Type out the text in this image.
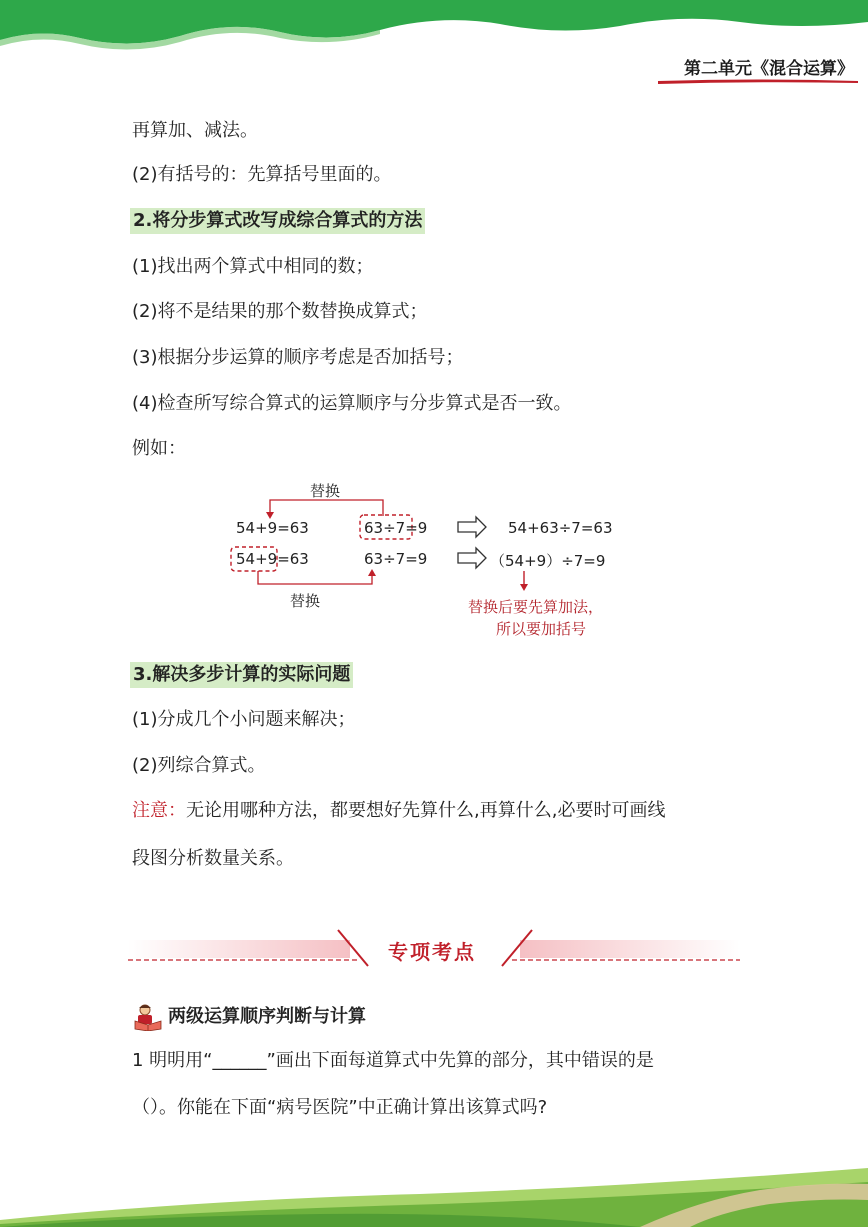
第二单元《混合运算》
再算加、减法。
(2)有括号的：先算括号里面的。
2.将分步算式改写成综合算式的方法
(1)找出两个算式中相同的数；
(2)将不是结果的那个数替换成算式；
(3)根据分步运算的顺序考虑是否加括号；
(4)检查所写综合算式的运算顺序与分步算式是否一致。
例如：
替换
54+9=63	63÷7=9	54+63÷7=63
54+9=63	63÷7=9	（54+9）÷7=9
替换	替换后要先算加法，
所以要加括号
3.解决多步计算的实际问题
(1)分成几个小问题来解决；
(2)列综合算式。
注意：无论用哪种方法，都要想好先算什么,再算什么,必要时可画线
段图分析数量关系。
专项考点
两级运算顺序判断与计算
1 明明用“______”画出下面每道算式中先算的部分，其中错误的是
（）。你能在下面“病号医院”中正确计算出该算式吗?
